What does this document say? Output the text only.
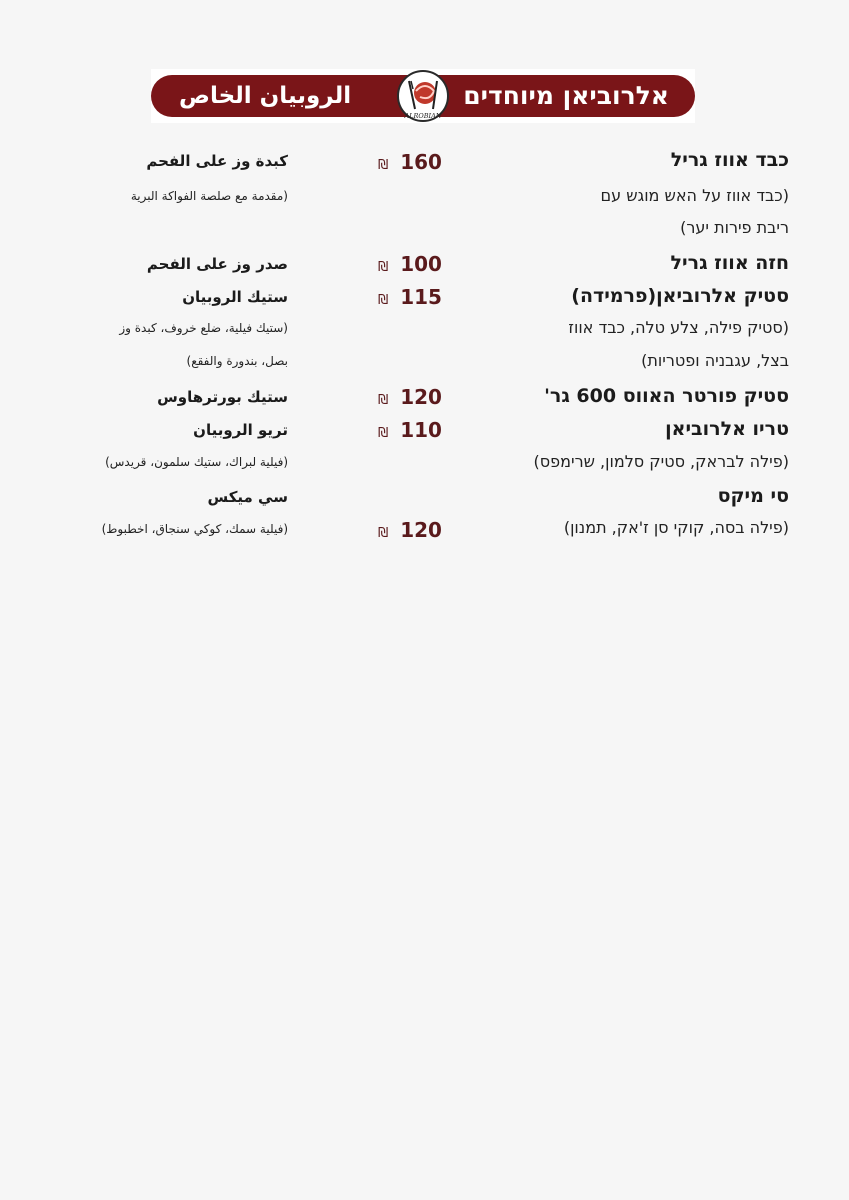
אלרוביאן מיוחדים
الروبيان الخاص
ALROBIAN
כבד אווז גריל
₪ 160
كبدة وز على الفحم
(כבד אווז על האש מוגש עם
(مقدمة مع صلصة الفواكة البرية
ריבת פירות יער)
חזה אווז גריל
₪ 100
صدر وز على الفحم
סטיק אלרוביאן(פרמידה)
₪ 115
ستيك الروبيان
(סטיק פילה, צלע טלה, כבד אווז
(ستيك فيلية، ضلع خروف، كبدة وز
בצל, עגבניה ופטריות)
بصل، بندورة والفقع)
סטיק פורטר האווס 600 גר'
₪ 120
ستيك بورترهاوس
טריו אלרוביאן
₪ 110
تريو الروبيان
(פילה לבראק, סטיק סלמון, שרימפס)
(فيلية لبراك، ستيك سلمون، قريدس)
סי מיקס
سي ميكس
(פילה בסה, קוקי סן ז'אק, תמנון)
₪ 120
(فيلية سمك، كوكي سنجاق، اخطبوط)
